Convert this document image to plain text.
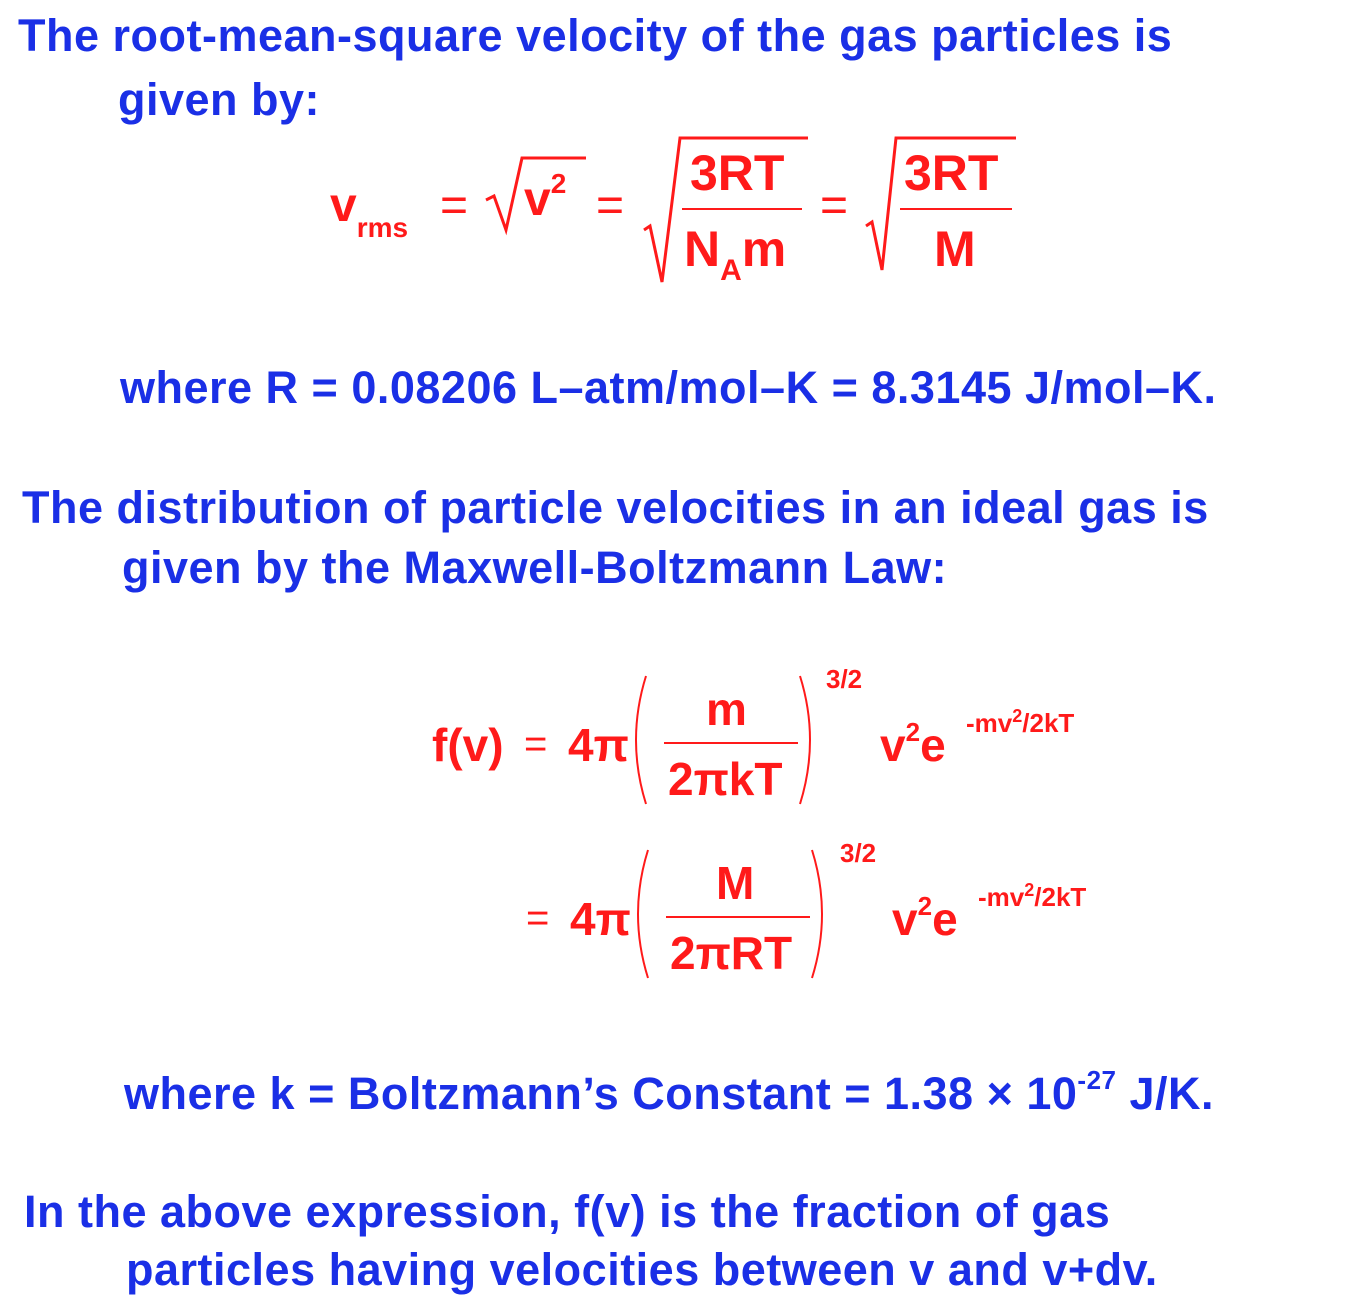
The root-mean-square velocity of the gas particles is
given by:
$v_{rms} = v^2$ =
3RT
$N_Am$
=
3RT
M
where R = 0.08206 L–atm/mol–K = 8.3145 J/mol–K.
The distribution of particle velocities in an ideal gas is
given by the Maxwell-Boltzmann Law:
f(v) = 4π
m
2πkT
3/2
$v^2e$ $-mv^2/2kT$
= 4π
M
2πRT
3/2
$v^2e$ $-mv^2/2kT$
where k = Boltzmann’s Constant = $1.38 \times 10^{-27}$ J/K.
In the above expression, f(v) is the fraction of gas
particles having velocities between v and v+dv.
